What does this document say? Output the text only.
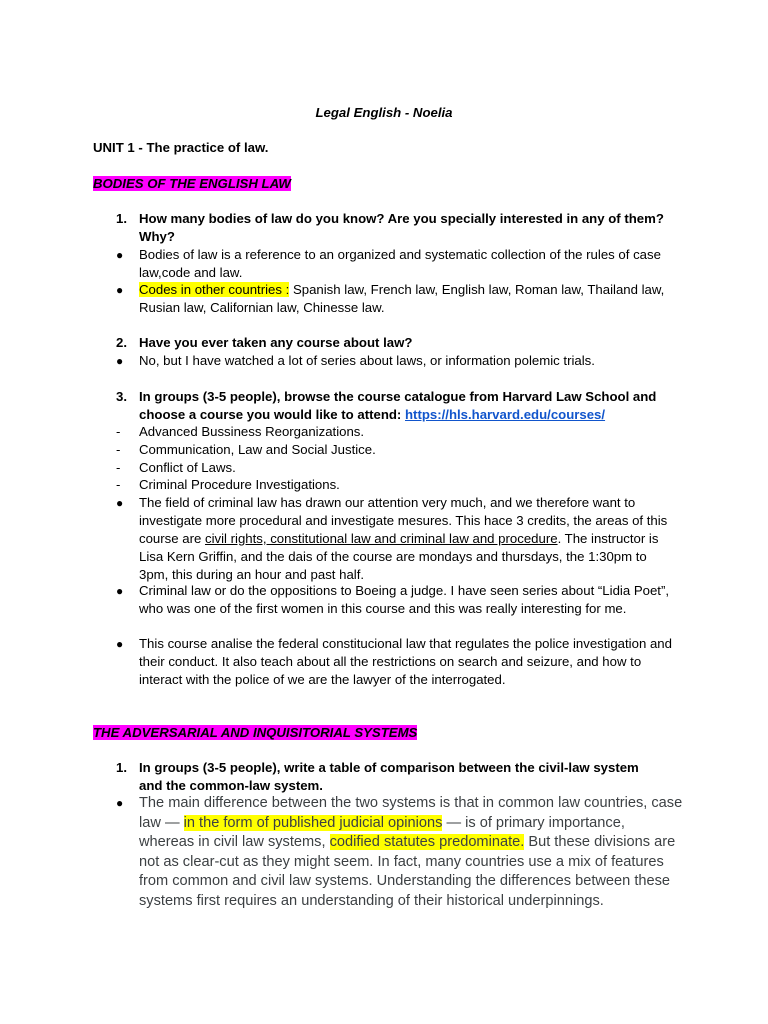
Legal English - Noelia
UNIT 1 - The practice of law.
BODIES OF THE ENGLISH LAW
1. How many bodies of law do you know? Are you specially interested in any of them? Why?
● Bodies of law is a reference to an organized and systematic collection of the rules of case law,code and law.
● Codes in other countries : Spanish law, French law, English law, Roman law, Thailand law, Rusian law, Californian law, Chinesse law.
2. Have you ever taken any course about law?
● No, but I have watched a lot of series about laws, or information polemic trials.
3. In groups (3-5 people), browse the course catalogue from Harvard Law School and choose a course you would like to attend: https://hls.harvard.edu/courses/
- Advanced Bussiness Reorganizations.
- Communication, Law and Social Justice.
- Conflict of Laws.
- Criminal Procedure Investigations.
● The field of criminal law has drawn our attention very much, and we therefore want to investigate more procedural and investigate mesures. This hace 3 credits, the areas of this course are civil rights, constitutional law and criminal law and procedure. The instructor is Lisa Kern Griffin, and the dais of the course are mondays and thursdays, the 1:30pm to 3pm, this during an hour and past half.
● Criminal law or do the oppositions to Boeing a judge. I have seen series about “Lidia Poet”, who was one of the first women in this course and this was really interesting for me.
● This course analise the federal constitucional law that regulates the police investigation and their conduct. It also teach about all the restrictions on search and seizure, and how to interact with the police of we are the lawyer of the interrogated.
THE ADVERSARIAL AND INQUISITORIAL SYSTEMS
1. In groups (3-5 people), write a table of comparison between the civil-law system and the common-law system.
● The main difference between the two systems is that in common law countries, case law — in the form of published judicial opinions — is of primary importance, whereas in civil law systems, codified statutes predominate. But these divisions are not as clear-cut as they might seem. In fact, many countries use a mix of features from common and civil law systems. Understanding the differences between these systems first requires an understanding of their historical underpinnings.
